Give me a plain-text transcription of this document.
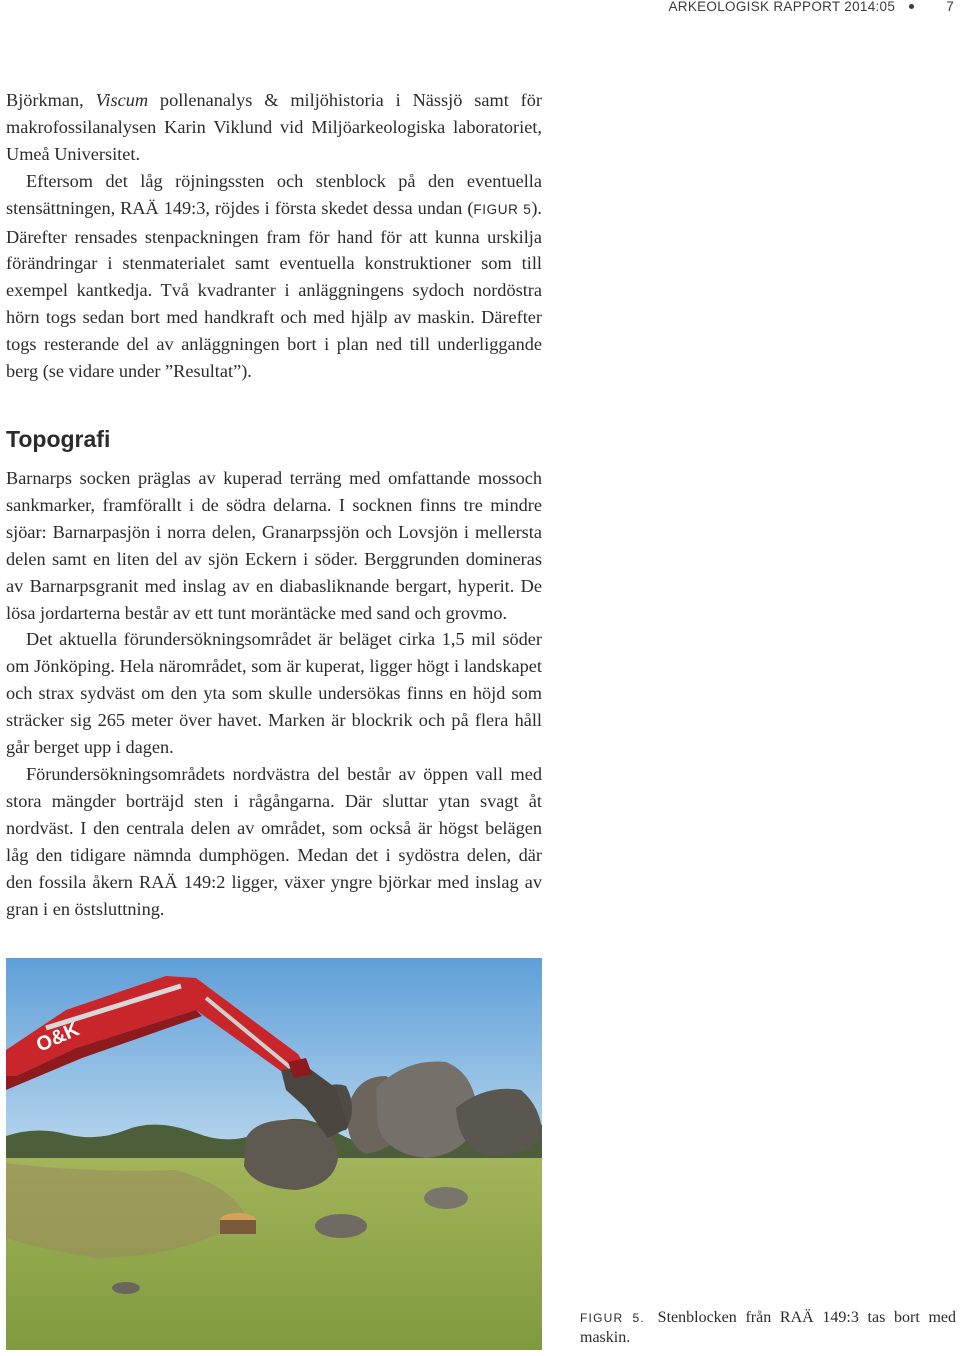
ARKEOLOGISK RAPPORT 2014:05	7

Björkman, Viscum pollenanalys & miljöhistoria i Nässjö samt för makrofossilanalysen Karin Viklund vid Miljöarkeologiska laboratoriet, Umeå Universitet.

Eftersom det låg röjningssten och stenblock på den eventuella stensättningen, RAÄ 149:3, röjdes i första skedet dessa undan (FIGUR 5). Därefter rensades stenpackningen fram för hand för att kunna urskilja förändringar i stenmaterialet samt eventuella konstruktioner som till exempel kantkedja. Två kvadranter i anläggningens sydoch nordöstra hörn togs sedan bort med handkraft och med hjälp av maskin. Därefter togs resterande del av anläggningen bort i plan ned till underliggande berg (se vidare under ”Resultat”).

Topografi

Barnarps socken präglas av kuperad terräng med omfattande mossoch sankmarker, framförallt i de södra delarna. I socknen finns tre mindre sjöar: Barnarpasjön i norra delen, Granarpssjön och Lovsjön i mellersta delen samt en liten del av sjön Eckern i söder. Berggrunden domineras av Barnarpsgranit med inslag av en diabasliknande bergart, hyperit. De lösa jordarterna består av ett tunt moräntäcke med sand och grovmo.

Det aktuella förundersökningsområdet är beläget cirka 1,5 mil söder om Jönköping. Hela närområdet, som är kuperat, ligger högt i landskapet och strax sydväst om den yta som skulle undersökas finns en höjd som sträcker sig 265 meter över havet. Marken är blockrik och på flera håll går berget upp i dagen.

Förundersökningsområdets nordvästra del består av öppen vall med stora mängder borträjd sten i rågångarna. Där sluttar ytan svagt åt nordväst. I den centrala delen av området, som också är högst belägen låg den tidigare nämnda dumphögen. Medan det i sydöstra delen, där den fossila åkern RAÄ 149:2 ligger, växer yngre björkar med inslag av gran i en östsluttning.

O&K
FIGUR 5. Stenblocken från RAÄ 149:3 tas bort med maskin.
